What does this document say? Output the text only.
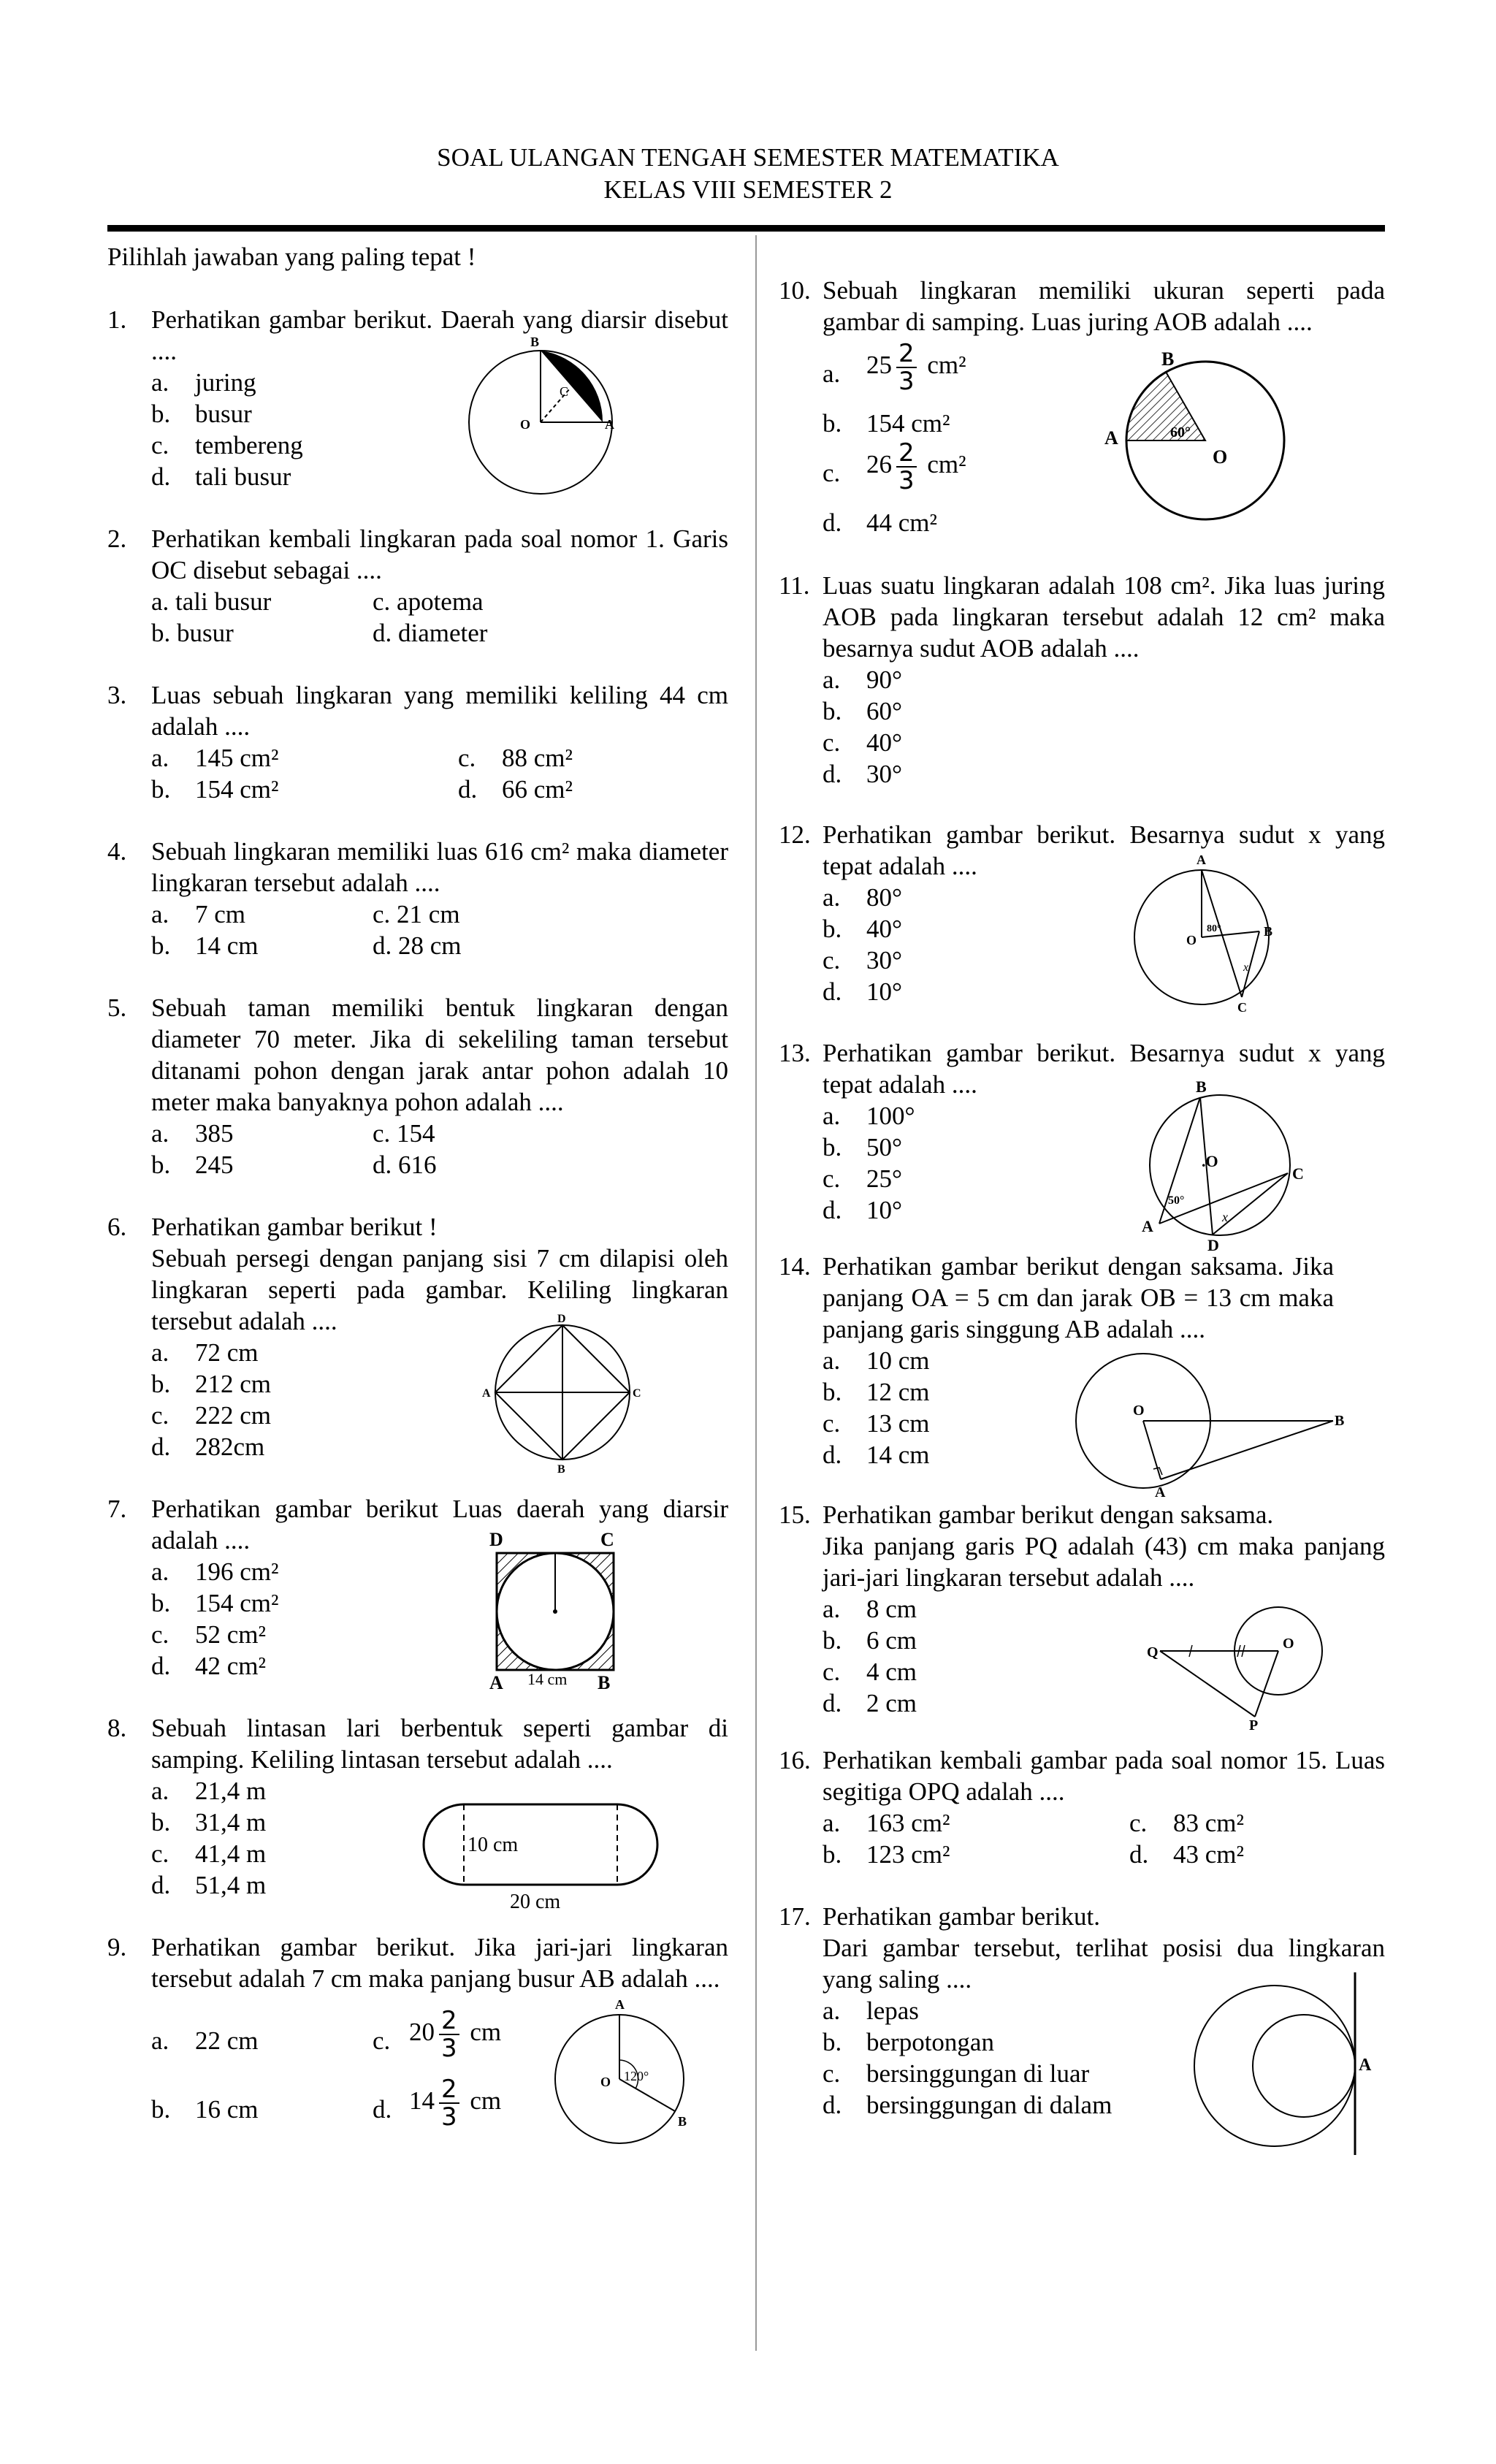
SOAL ULANGAN TENGAH SEMESTER MATEMATIKA
KELAS VIII SEMESTER 2
Pilihlah jawaban yang paling tepat !
1. Perhatikan gambar berikut. Daerah yang diarsir disebut ....
a. juring
b. busur
c. tembereng
d. tali busur
2. Perhatikan kembali lingkaran pada soal nomor 1. Garis OC disebut sebagai ....
a. tali busur	c. apotema
b. busur	d. diameter
3. Luas sebuah lingkaran yang memiliki keliling 44 cm adalah ....
a. 145 cm²	c. 88 cm²
b. 154 cm²	d. 66 cm²
4. Sebuah lingkaran memiliki luas 616 cm² maka diameter lingkaran tersebut adalah ....
a. 7 cm	c. 21 cm
b. 14 cm	d. 28 cm
5. Sebuah taman memiliki bentuk lingkaran dengan diameter 70 meter. Jika di sekeliling taman tersebut ditanami pohon dengan jarak antar pohon adalah 10 meter maka banyaknya pohon adalah ....
a. 385	c. 154
b. 245	d. 616
6. Perhatikan gambar berikut !
Sebuah persegi dengan panjang sisi 7 cm dilapisi oleh lingkaran seperti pada gambar. Keliling lingkaran tersebut adalah ....
a. 72 cm
b. 212 cm
c. 222 cm
d. 282cm
7. Perhatikan gambar berikut Luas daerah yang diarsir adalah ....
a. 196 cm²
b. 154 cm²
c. 52 cm²
d. 42 cm²
8. Sebuah lintasan lari berbentuk seperti gambar di samping. Keliling lintasan tersebut adalah ....
a. 21,4 m
b. 31,4 m
c. 41,4 m
d. 51,4 m
9. Perhatikan gambar berikut. Jika jari-jari lingkaran tersebut adalah 7 cm maka panjang busur AB adalah ....
a. 22 cm	c. $20 \frac{2}{3}$ cm
b. 16 cm	d. $14 \frac{2}{3}$ cm
10. Sebuah lingkaran memiliki ukuran seperti pada gambar di samping. Luas juring AOB adalah ....
a. $25 \frac{2}{3} cm^2$
b. 154 cm²
c. $26 \frac{2}{3} cm^2$
d. 44 cm²
11. Luas suatu lingkaran adalah 108 cm². Jika luas juring AOB pada lingkaran tersebut adalah 12 cm² maka besarnya sudut AOB adalah ....
a. 90°
b. 60°
c. 40°
d. 30°
12. Perhatikan gambar berikut. Besarnya sudut x yang tepat adalah ....
a. 80°
b. 40°
c. 30°
d. 10°
13. Perhatikan gambar berikut. Besarnya sudut x yang tepat adalah ....
a. 100°
b. 50°
c. 25°
d. 10°
14. Perhatikan gambar berikut dengan saksama. Jika panjang OA = 5 cm dan jarak OB = 13 cm maka panjang garis singgung AB adalah ....
a. 10 cm
b. 12 cm
c. 13 cm
d. 14 cm
15. Perhatikan gambar berikut dengan saksama.
Jika panjang garis PQ adalah (43) cm maka panjang jari-jari lingkaran tersebut adalah ....
a. 8 cm
b. 6 cm
c. 4 cm
d. 2 cm
16. Perhatikan kembali gambar pada soal nomor 15. Luas segitiga OPQ adalah ....
a. 163 cm²	c. 83 cm²
b. 123 cm²	d. 43 cm²
17. Perhatikan gambar berikut.
Dari gambar tersebut, terlihat posisi dua lingkaran yang saling ....
a. lepas
b. berpotongan
c. bersinggungan di luar
d. bersinggungan di dalam
B
C
O	A
D
A	C
B
D	C
A	B
14 cm
10 cm
20 cm
A
O
B
120°
B
A
O
60°
A
O
B
C
80°
x
B
.O
C
A
D
50°
x
O
B
A
Q
O
P
A
